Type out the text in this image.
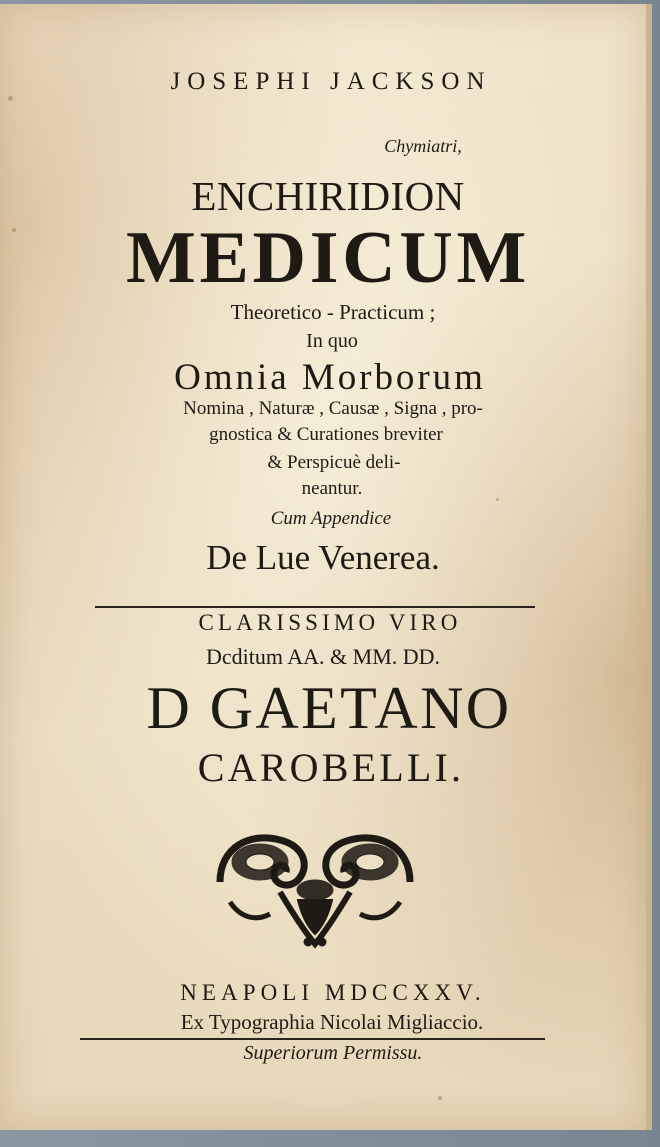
JOSEPHI JACKSON
Chymiatri,
ENCHIRIDION
MEDICUM
Theoretico - Practicum ;
In quo
Omnia Morborum
Nomina , Naturæ , Causæ , Signa , pro-
gnostica & Curationes breviter
& Perspicuè deli-
neantur.
Cum Appendice
De Lue Venerea.
CLARISSIMO VIRO
Dcditum AA. & MM. DD.
D GAETANO
CAROBELLI.
NEAPOLI MDCCXXV.
Ex Typographia Nicolai Migliaccio.
Superiorum Permissu.
